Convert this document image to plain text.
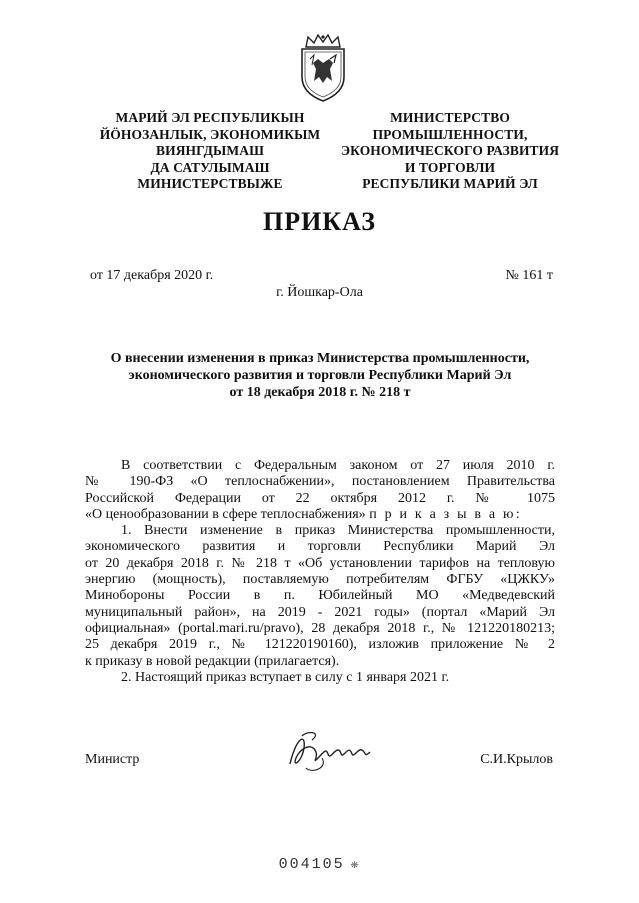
МАРИЙ ЭЛ РЕСПУБЛИКЫН
ЙÖНОЗАНЛЫК, ЭКОНОМИКЫМ
ВИЯНГДЫМАШ
ДА САТУЛЫМАШ
МИНИСТЕРСТВЫЖЕ
МИНИСТЕРСТВО
ПРОМЫШЛЕННОСТИ,
ЭКОНОМИЧЕСКОГО РАЗВИТИЯ
И ТОРГОВЛИ
РЕСПУБЛИКИ МАРИЙ ЭЛ
ПРИКАЗ
от 17 декабря 2020 г.	№ 161 т
г. Йошкар-Ола
О внесении изменения в приказ Министерства промышленности,
экономического развития и торговли Республики Марий Эл
от 18 декабря 2018 г. № 218 т
В соответствии с Федеральным законом от 27 июля 2010 г.
№ 190-ФЗ «О теплоснабжении», постановлением Правительства
Российской Федерации от 22 октября 2012 г. № 1075
«О ценообразовании в сфере теплоснабжения» п р и к а з ы в а ю:
1. Внести изменение в приказ Министерства промышленности,
экономического развития и торговли Республики Марий Эл
от 20 декабря 2018 г. № 218 т «Об установлении тарифов на тепловую
энергию (мощность), поставляемую потребителям ФГБУ «ЦЖКУ»
Минобороны России в п. Юбилейный МО «Медведевский
муниципальный район», на 2019 - 2021 годы» (портал «Марий Эл
официальная» (portal.mari.ru/pravo), 28 декабря 2018 г., № 121220180213;
25 декабря 2019 г., № 121220190160), изложив приложение № 2
к приказу в новой редакции (прилагается).
2. Настоящий приказ вступает в силу с 1 января 2021 г.
Министр	С.И.Крылов
004105 ❋
